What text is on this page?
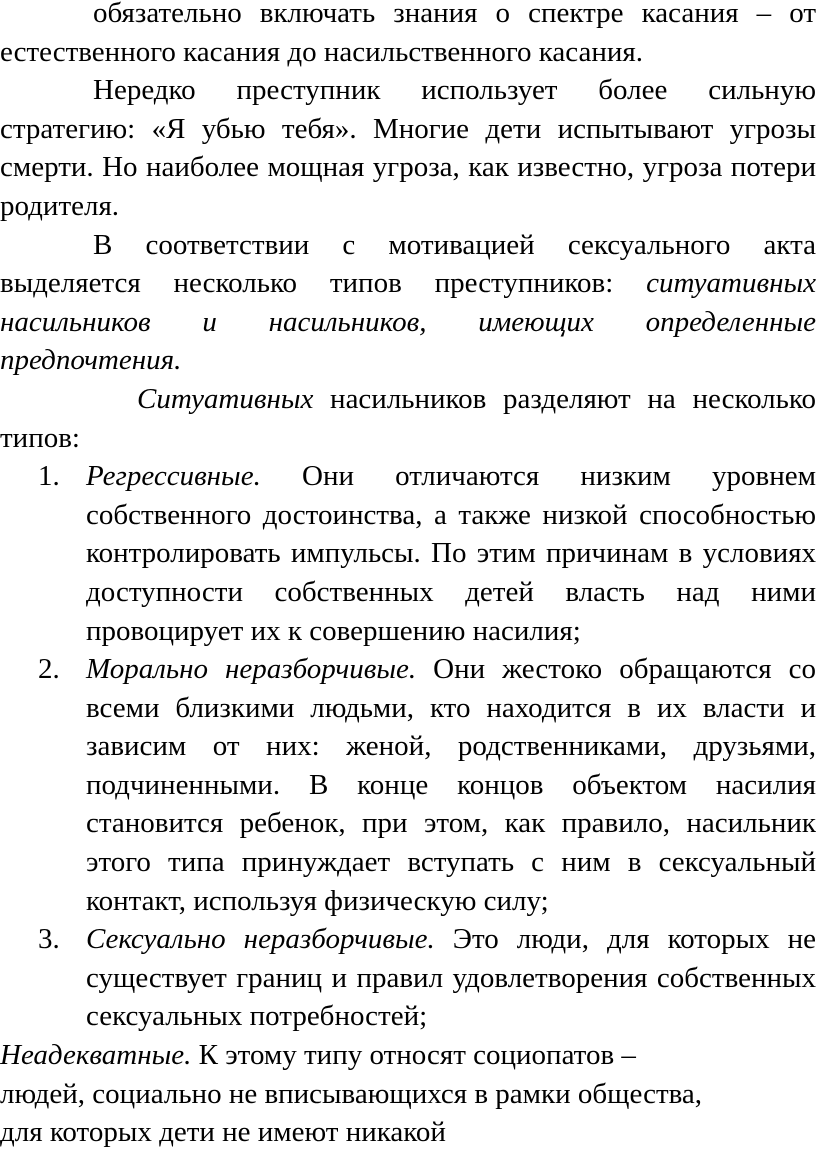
обязательно включать знания о спектре касания – от естественного касания до насильственного касания.

Нередко преступник использует более сильную стратегию: «Я убью тебя». Многие дети испытывают угрозы смерти. Но наиболее мощная угроза, как известно, угроза потери родителя.

В соответствии с мотивацией сексуального акта выделяется несколько типов преступников: ситуативных насильников и насильников, имеющих определенные предпочтения.

Ситуативных насильников разделяют на несколько типов:

1. Регрессивные. Они отличаются низким уровнем собственного достоинства, а также низкой способностью контролировать импульсы. По этим причинам в условиях доступности собственных детей власть над ними провоцирует их к совершению насилия;
2. Морально неразборчивые. Они жестоко обращаются со всеми близкими людьми, кто находится в их власти и зависим от них: женой, родственниками, друзьями, подчиненными. В конце концов объектом насилия становится ребенок, при этом, как правило, насильник этого типа принуждает вступать с ним в сексуальный контакт, используя физическую силу;
3. Сексуально неразборчивые. Это люди, для которых не существует границ и правил удовлетворения собственных сексуальных потребностей;
Неадекватные. К этому типу относят социопатов –
людей, социально не вписывающихся в рамки общества,
для которых дети не имеют никакой
